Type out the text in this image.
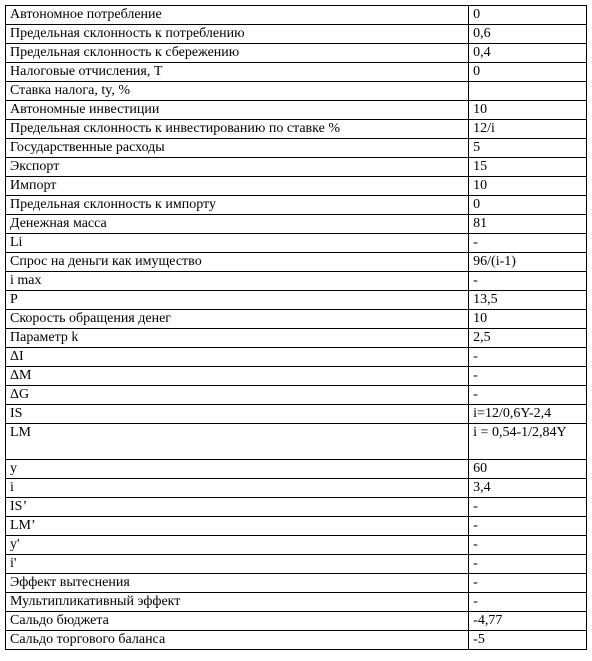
Автономное потребление	0
Предельная склонность к потреблению	0,6
Предельная склонность к сбережению	0,4
Налоговые отчисления, Т	0
Ставка налога, ty, %	
Автономные инвестиции	10
Предельная склонность к инвестированию по ставке %	12/i
Государственные расходы	5
Экспорт	15
Импорт	10
Предельная склонность к импорту	0
Денежная масса	81
Li	-
Спрос на деньги как имущество	96/(i-1)
i max	-
P	13,5
Скорость обращения денег	10
Параметр k	2,5
ΔI	-
ΔM	-
ΔG	-
IS	i=12/0,6Y-2,4
LM	i = 0,54-1/2,84Y
y	60
i	3,4
IS’	-
LM’	-
y'	-
i'	-
Эффект вытеснения	-
Мультипликативный эффект	-
Сальдо бюджета	-4,77
Сальдо торгового баланса	-5
